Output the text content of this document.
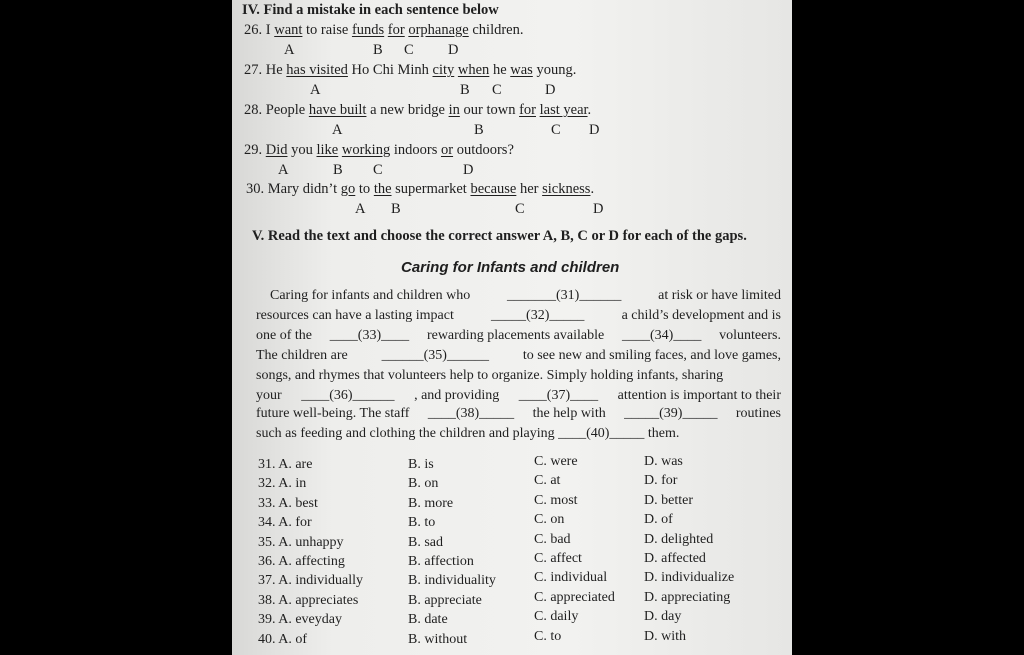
IV. Find a mistake in each sentence below
26. I want to raise funds for orphanage children.
A	B C D
27. He has visited Ho Chi Minh city when he was young.
A	B C	D
28. People have built a new bridge in our town for last year.
A	B	C D
29. Did you like working indoors or outdoors?
A	B C	D
30. Mary didn’t go to the supermarket because her sickness.
A B	C	D
V. Read the text and choose the correct answer A, B, C or D for each of the gaps.
Caring for Infants and children
Caring for infants and children who	_______(31)______	at risk or have limited
resources can have a lasting impact	_____(32)_____	a child’s development and is
one of the ____(33)____ rewarding placements available ____(34)____ volunteers.
The children are ______(35)______ to see new and smiling faces, and love games,
songs, and rhymes that volunteers help to organize. Simply holding infants, sharing
your ____(36)______ , and providing ____(37)____ attention is important to their
future well-being. The staff ____(38)_____ the help with _____(39)_____ routines
such as feeding and clothing the children and playing ____(40)_____ them.
31. A. are	B. is	C. were	D. was
32. A. in	B. on	C. at	D. for
33. A. best	B. more	C. most	D. better
34. A. for	B. to	C. on	D. of
35. A. unhappy	B. sad	C. bad	D. delighted
36. A. affecting	B. affection	C. affect	D. affected
37. A. individually	B. individuality	C. individual	D. individualize
38. A. appreciates	B. appreciate	C. appreciated D. appreciating
39. A. eveyday	B. date	C. daily	D. day
40. A. of	B. without	C. to	D. with
